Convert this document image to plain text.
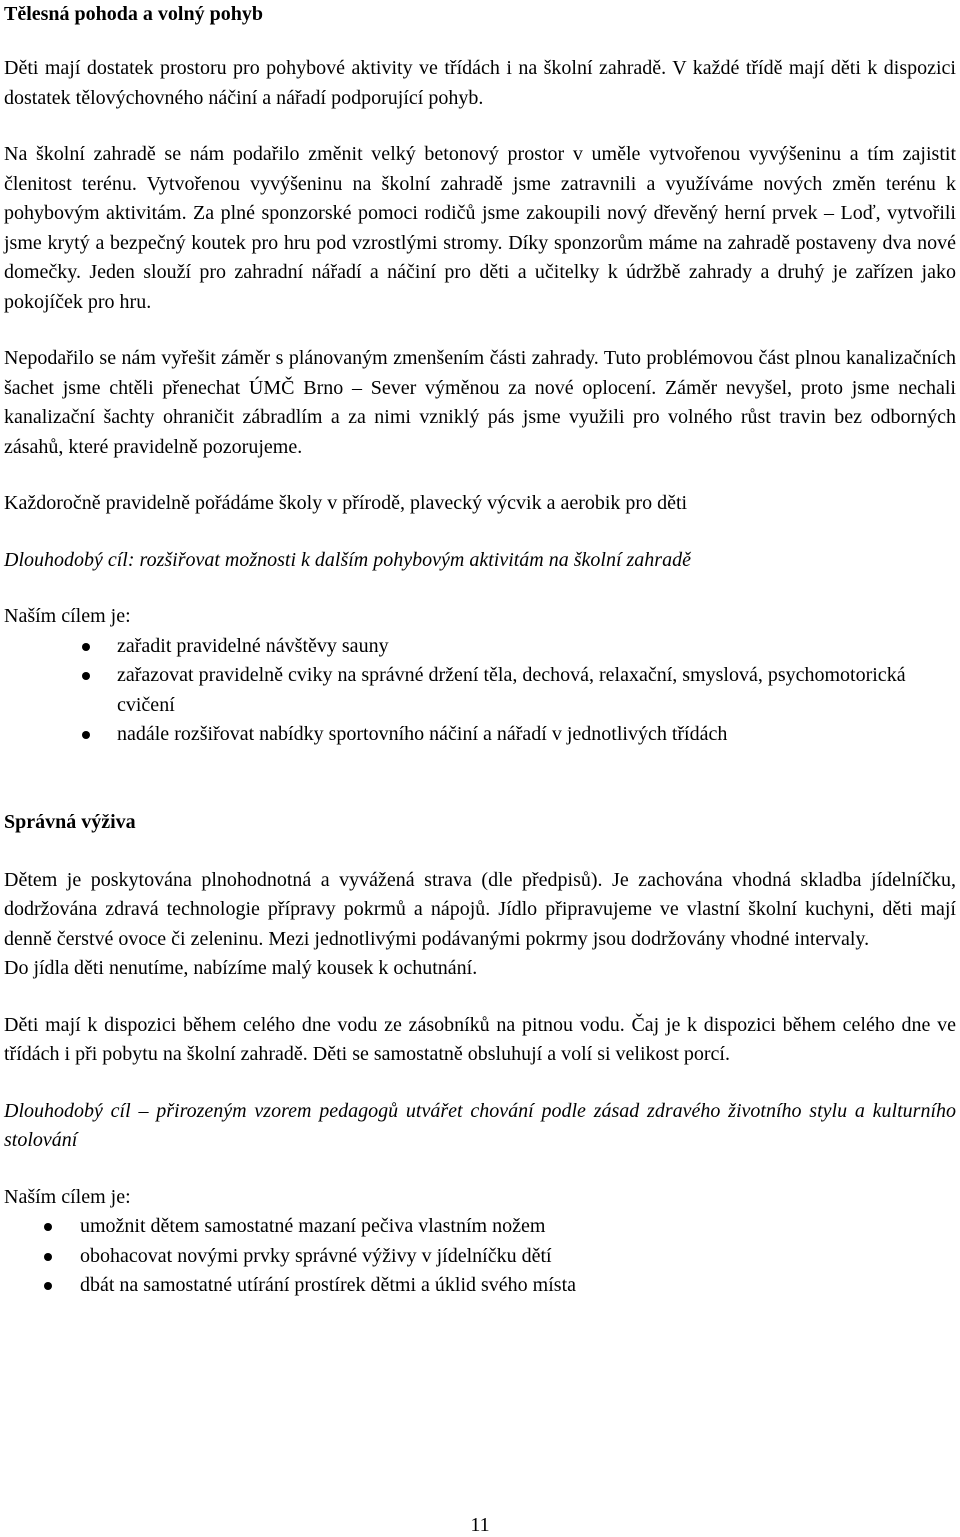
Tělesná pohoda a volný pohyb

Děti mají dostatek prostoru pro pohybové aktivity ve třídách i na školní zahradě. V každé třídě mají děti k dispozici dostatek tělovýchovného náčiní a nářadí podporující pohyb.

Na školní zahradě se nám podařilo změnit velký betonový prostor v uměle vytvořenou vyvýšeninu a tím zajistit členitost terénu. Vytvořenou vyvýšeninu na školní zahradě jsme zatravnili a využíváme nových změn terénu k pohybovým aktivitám. Za plné sponzorské pomoci rodičů jsme zakoupili nový dřevěný herní prvek – Loď, vytvořili jsme krytý a bezpečný koutek pro hru pod vzrostlými stromy. Díky sponzorům máme na zahradě postaveny dva nové domečky. Jeden slouží pro zahradní nářadí a náčiní pro děti a učitelky k údržbě zahrady a druhý je zařízen jako pokojíček pro hru.

Nepodařilo se nám vyřešit záměr s plánovaným zmenšením části zahrady. Tuto problémovou část plnou kanalizačních šachet jsme chtěli přenechat ÚMČ Brno – Sever výměnou za nové oplocení. Záměr nevyšel, proto jsme nechali kanalizační šachty ohraničit zábradlím a za nimi vzniklý pás jsme využili pro volného růst travin bez odborných zásahů, které pravidelně pozorujeme.

Každoročně pravidelně pořádáme školy v přírodě, plavecký výcvik a aerobik pro děti

Dlouhodobý cíl: rozšiřovat možnosti k dalším pohybovým aktivitám na školní zahradě

Naším cílem je:

zařadit pravidelné návštěvy sauny
zařazovat pravidelně cviky na správné držení těla, dechová, relaxační, smyslová, psychomotorická cvičení
nadále rozšiřovat nabídky sportovního náčiní a nářadí v jednotlivých třídách
Správná výživa

Dětem je poskytována plnohodnotná a vyvážená strava (dle předpisů). Je zachována vhodná skladba jídelníčku, dodržována zdravá technologie přípravy pokrmů a nápojů. Jídlo připravujeme ve vlastní školní kuchyni, děti mají denně čerstvé ovoce či zeleninu. Mezi jednotlivými podávanými pokrmy jsou dodržovány vhodné intervaly.

Do jídla děti nenutíme, nabízíme malý kousek k ochutnání.

Děti mají k dispozici během celého dne vodu ze zásobníků na pitnou vodu. Čaj je k dispozici během celého dne ve třídách i při pobytu na školní zahradě. Děti se samostatně obsluhují a volí si velikost porcí.

Dlouhodobý cíl – přirozeným vzorem pedagogů utvářet chování podle zásad zdravého životního stylu a kulturního stolování

Naším cílem je:

umožnit dětem samostatné mazaní pečiva vlastním nožem
obohacovat novými prvky správné výživy v jídelníčku dětí
dbát na samostatné utírání prostírek dětmi a úklid svého místa
11
